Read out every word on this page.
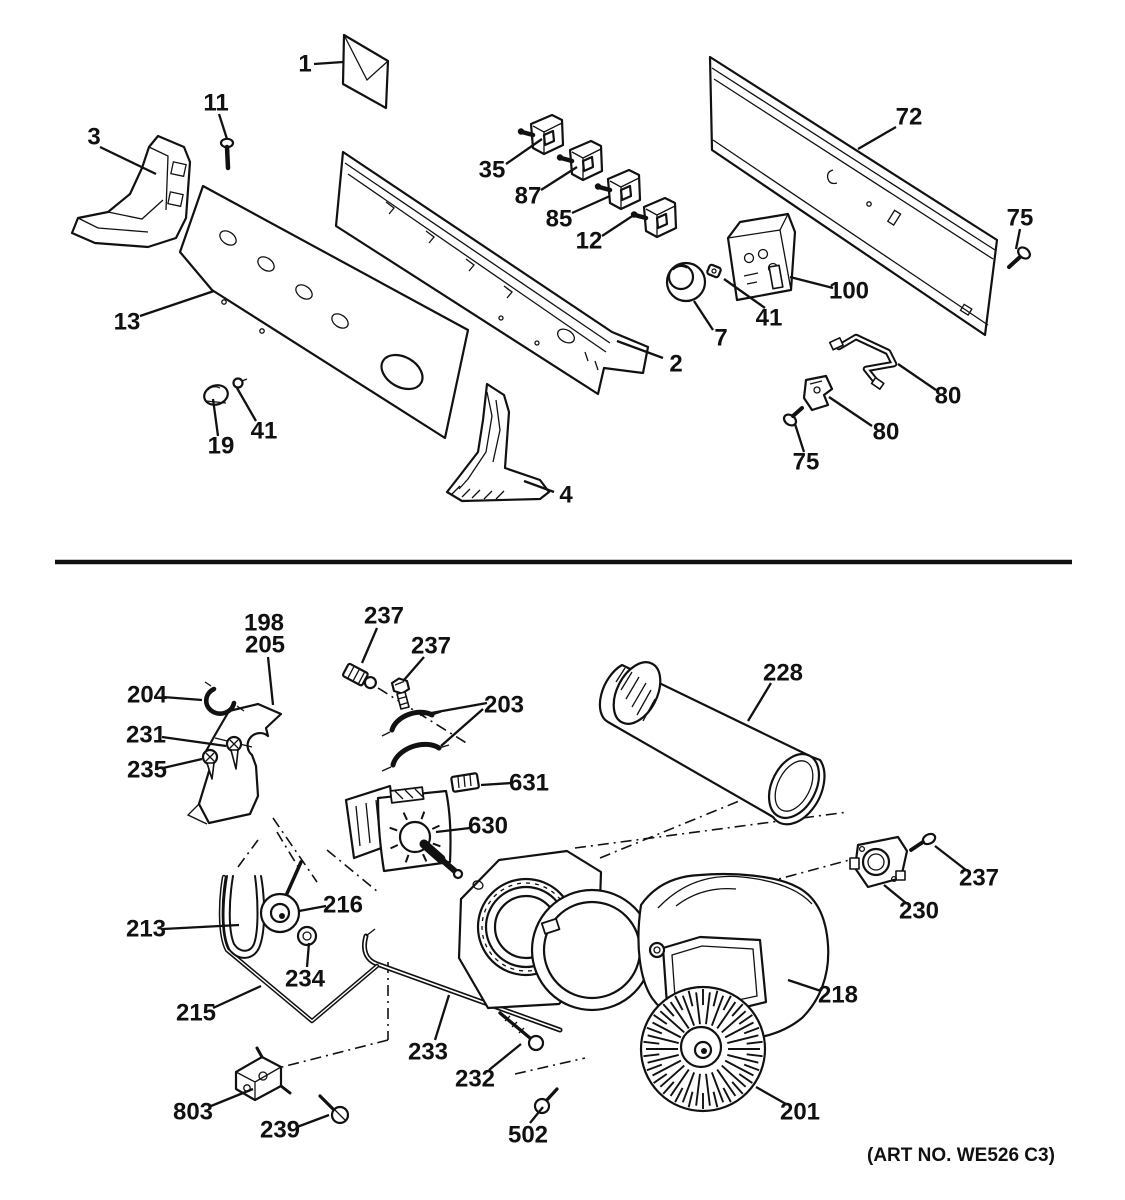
1
11
3
13
35
87
85
12
72
75
100
41
7
2
80
80
75
19
41
4
198
205
204
231
235
237
237
203
631
630
228
237
230
216
213
234
215
233
232
502
803
239
201
218
(ART NO. WE526 C3)
